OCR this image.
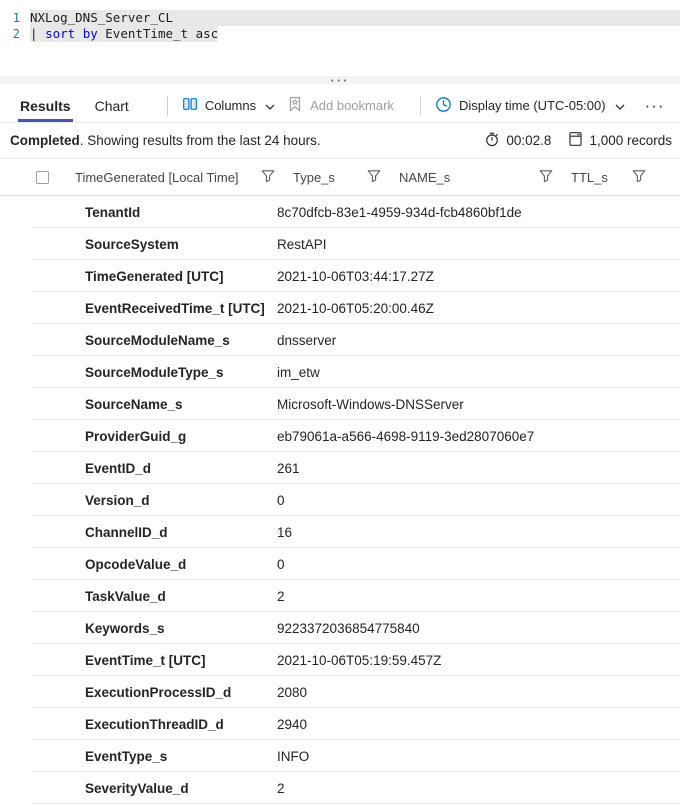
1 NXLog_DNS_Server_CL
2 | sort by EventTime_t asc
···
Results Chart	Columns	Add bookmark	Display time (UTC-05:00)	···
Completed. Showing results from the last 24 hours.	00:02.8	1,000 records
TimeGenerated [Local Time]	Type_s	NAME_s	TTL_s
TenantId	8c70dfcb-83e1-4959-934d-fcb4860bf1de
SourceSystem	RestAPI
TimeGenerated [UTC]	2021-10-06T03:44:17.27Z
EventReceivedTime_t [UTC] 2021-10-06T05:20:00.46Z
SourceModuleName_s	dnsserver
SourceModuleType_s	im_etw
SourceName_s	Microsoft-Windows-DNSServer
ProviderGuid_g	eb79061a-a566-4698-9119-3ed2807060e7
EventID_d	261
Version_d	0
ChannelID_d	16
OpcodeValue_d	0
TaskValue_d	2
Keywords_s	9223372036854775840
EventTime_t [UTC]	2021-10-06T05:19:59.457Z
ExecutionProcessID_d	2080
ExecutionThreadID_d	2940
EventType_s	INFO
SeverityValue_d	2
